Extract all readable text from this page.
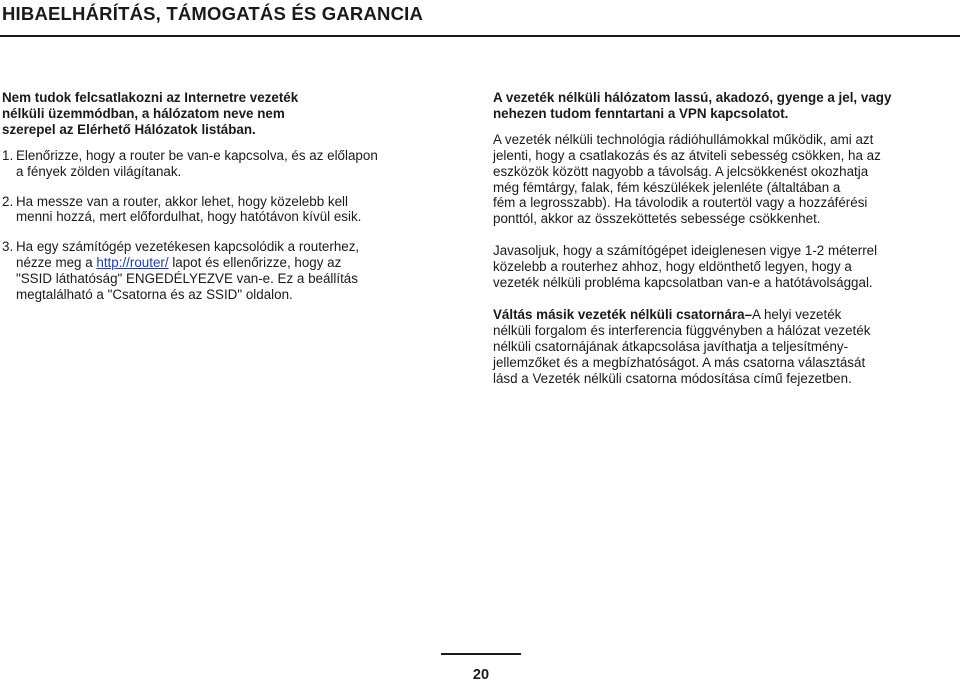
HIBAELHÁRÍTÁS, TÁMOGATÁS ÉS GARANCIA
Nem tudok felcsatlakozni az Internetre vezeték
nélküli üzemmódban, a hálózatom neve nem
szerepel az Elérhető Hálózatok listában.
1. Elenőrizze, hogy a router be van-e kapcsolva, és az előlapon
a fények zölden világítanak.
2. Ha messze van a router, akkor lehet, hogy közelebb kell
menni hozzá, mert előfordulhat, hogy hatótávon kívül esik.
3. Ha egy számítógép vezetékesen kapcsolódik a routerhez,
nézze meg a http://router/ lapot és ellenőrizze, hogy az
"SSID láthatóság" ENGEDÉLYEZVE van-e. Ez a beállítás
megtalálható a "Csatorna és az SSID" oldalon.
A vezeték nélküli hálózatom lassú, akadozó, gyenge a jel, vagy
nehezen tudom fenntartani a VPN kapcsolatot.
A vezeték nélküli technológia rádióhullámokkal működik, ami azt
jelenti, hogy a csatlakozás és az átviteli sebesség csökken, ha az
eszközök között nagyobb a távolság. A jelcsökkenést okozhatja
még fémtárgy, falak, fém készülékek jelenléte (általtában a
fém a legrosszabb). Ha távolodik a routertöl vagy a hozzáférési
ponttól, akkor az összeköttetés sebessége csökkenhet.
Javasoljuk, hogy a számítógépet ideiglenesen vigye 1-2 méterrel
közelebb a routerhez ahhoz, hogy eldönthető legyen, hogy a
vezeték nélküli probléma kapcsolatban van-e a hatótávolsággal.
Váltás másik vezeték nélküli csatornára–A helyi vezeték
nélküli forgalom és interferencia függvényben a hálózat vezeték
nélküli csatornájának átkapcsolása javíthatja a teljesítmény-
jellemzőket és a megbízhatóságot. A más csatorna választását
lásd a Vezeték nélküli csatorna módosítása című fejezetben.
20
